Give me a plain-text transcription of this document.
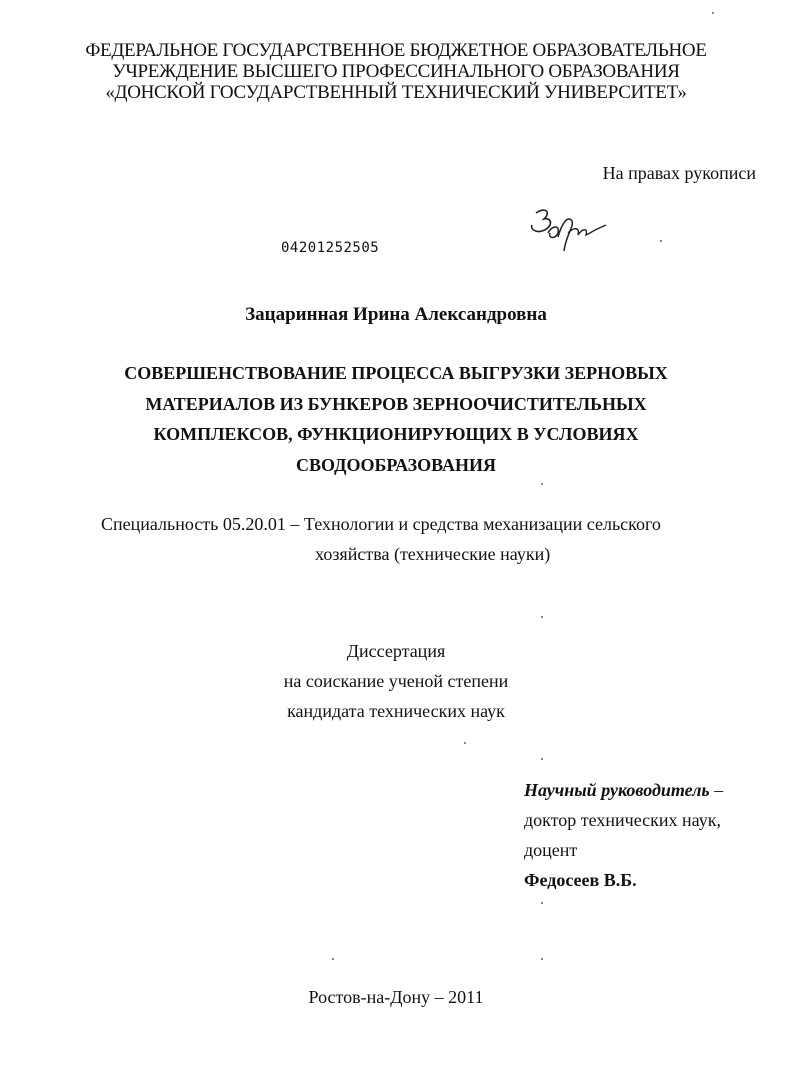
ФЕДЕРАЛЬНОЕ ГОСУДАРСТВЕННОЕ БЮДЖЕТНОЕ ОБРАЗОВАТЕЛЬНОЕ
УЧРЕЖДЕНИЕ ВЫСШЕГО ПРОФЕССИНАЛЬНОГО ОБРАЗОВАНИЯ
«ДОНСКОЙ ГОСУДАРСТВЕННЫЙ ТЕХНИЧЕСКИЙ УНИВЕРСИТЕТ»
На правах рукописи
04201252505
Зацаринная Ирина Александровна
СОВЕРШЕНСТВОВАНИЕ ПРОЦЕССА ВЫГРУЗКИ ЗЕРНОВЫХ
МАТЕРИАЛОВ ИЗ БУНКЕРОВ ЗЕРНООЧИСТИТЕЛЬНЫХ
КОМПЛЕКСОВ, ФУНКЦИОНИРУЮЩИХ В УСЛОВИЯХ
СВОДООБРАЗОВАНИЯ
Специальность 05.20.01 – Технологии и средства механизации сельского
хозяйства (технические науки)
Диссертация
на соискание ученой степени
кандидата технических наук
Научный руководитель –
доктор технических наук,
доцент
Федосеев В.Б.
Ростов-на-Дону – 2011
